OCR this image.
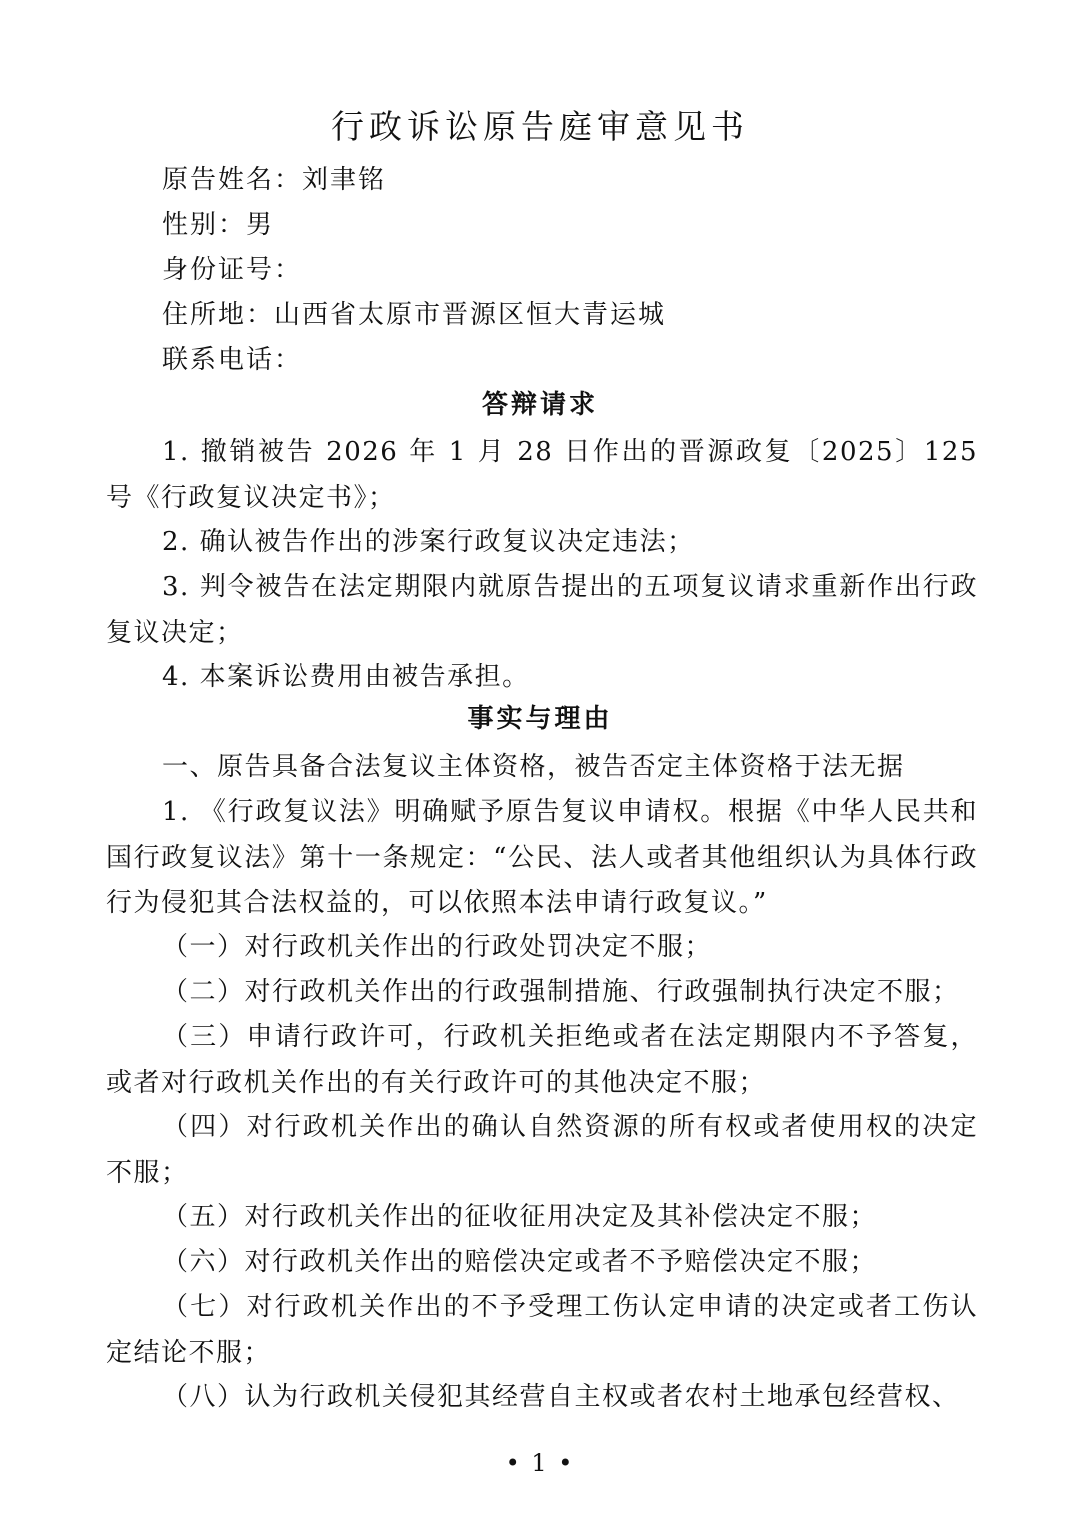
行政诉讼原告庭审意见书
原告姓名：刘聿铭
性别：男
身份证号：
住所地：山西省太原市晋源区恒大青运城
联系电话：
答辩请求

1. 撤销被告 2026 年 1 月 28 日作出的晋源政复〔2025〕125 号《行政复议决定书》；

2. 确认被告作出的涉案行政复议决定违法；

3. 判令被告在法定期限内就原告提出的五项复议请求重新作出行政复议决定；

4. 本案诉讼费用由被告承担。

事实与理由

一、原告具备合法复议主体资格，被告否定主体资格于法无据

1. 《行政复议法》明确赋予原告复议申请权。根据《中华人民共和国行政复议法》第十一条规定：“公民、法人或者其他组织认为具体行政行为侵犯其合法权益的，可以依照本法申请行政复议。”

（一）对行政机关作出的行政处罚决定不服；

（二）对行政机关作出的行政强制措施、行政强制执行决定不服；

（三）申请行政许可，行政机关拒绝或者在法定期限内不予答复，或者对行政机关作出的有关行政许可的其他决定不服；

（四）对行政机关作出的确认自然资源的所有权或者使用权的决定不服；

（五）对行政机关作出的征收征用决定及其补偿决定不服；

（六）对行政机关作出的赔偿决定或者不予赔偿决定不服；

（七）对行政机关作出的不予受理工伤认定申请的决定或者工伤认定结论不服；

（八）认为行政机关侵犯其经营自主权或者农村土地承包经营权、

• 1 •
